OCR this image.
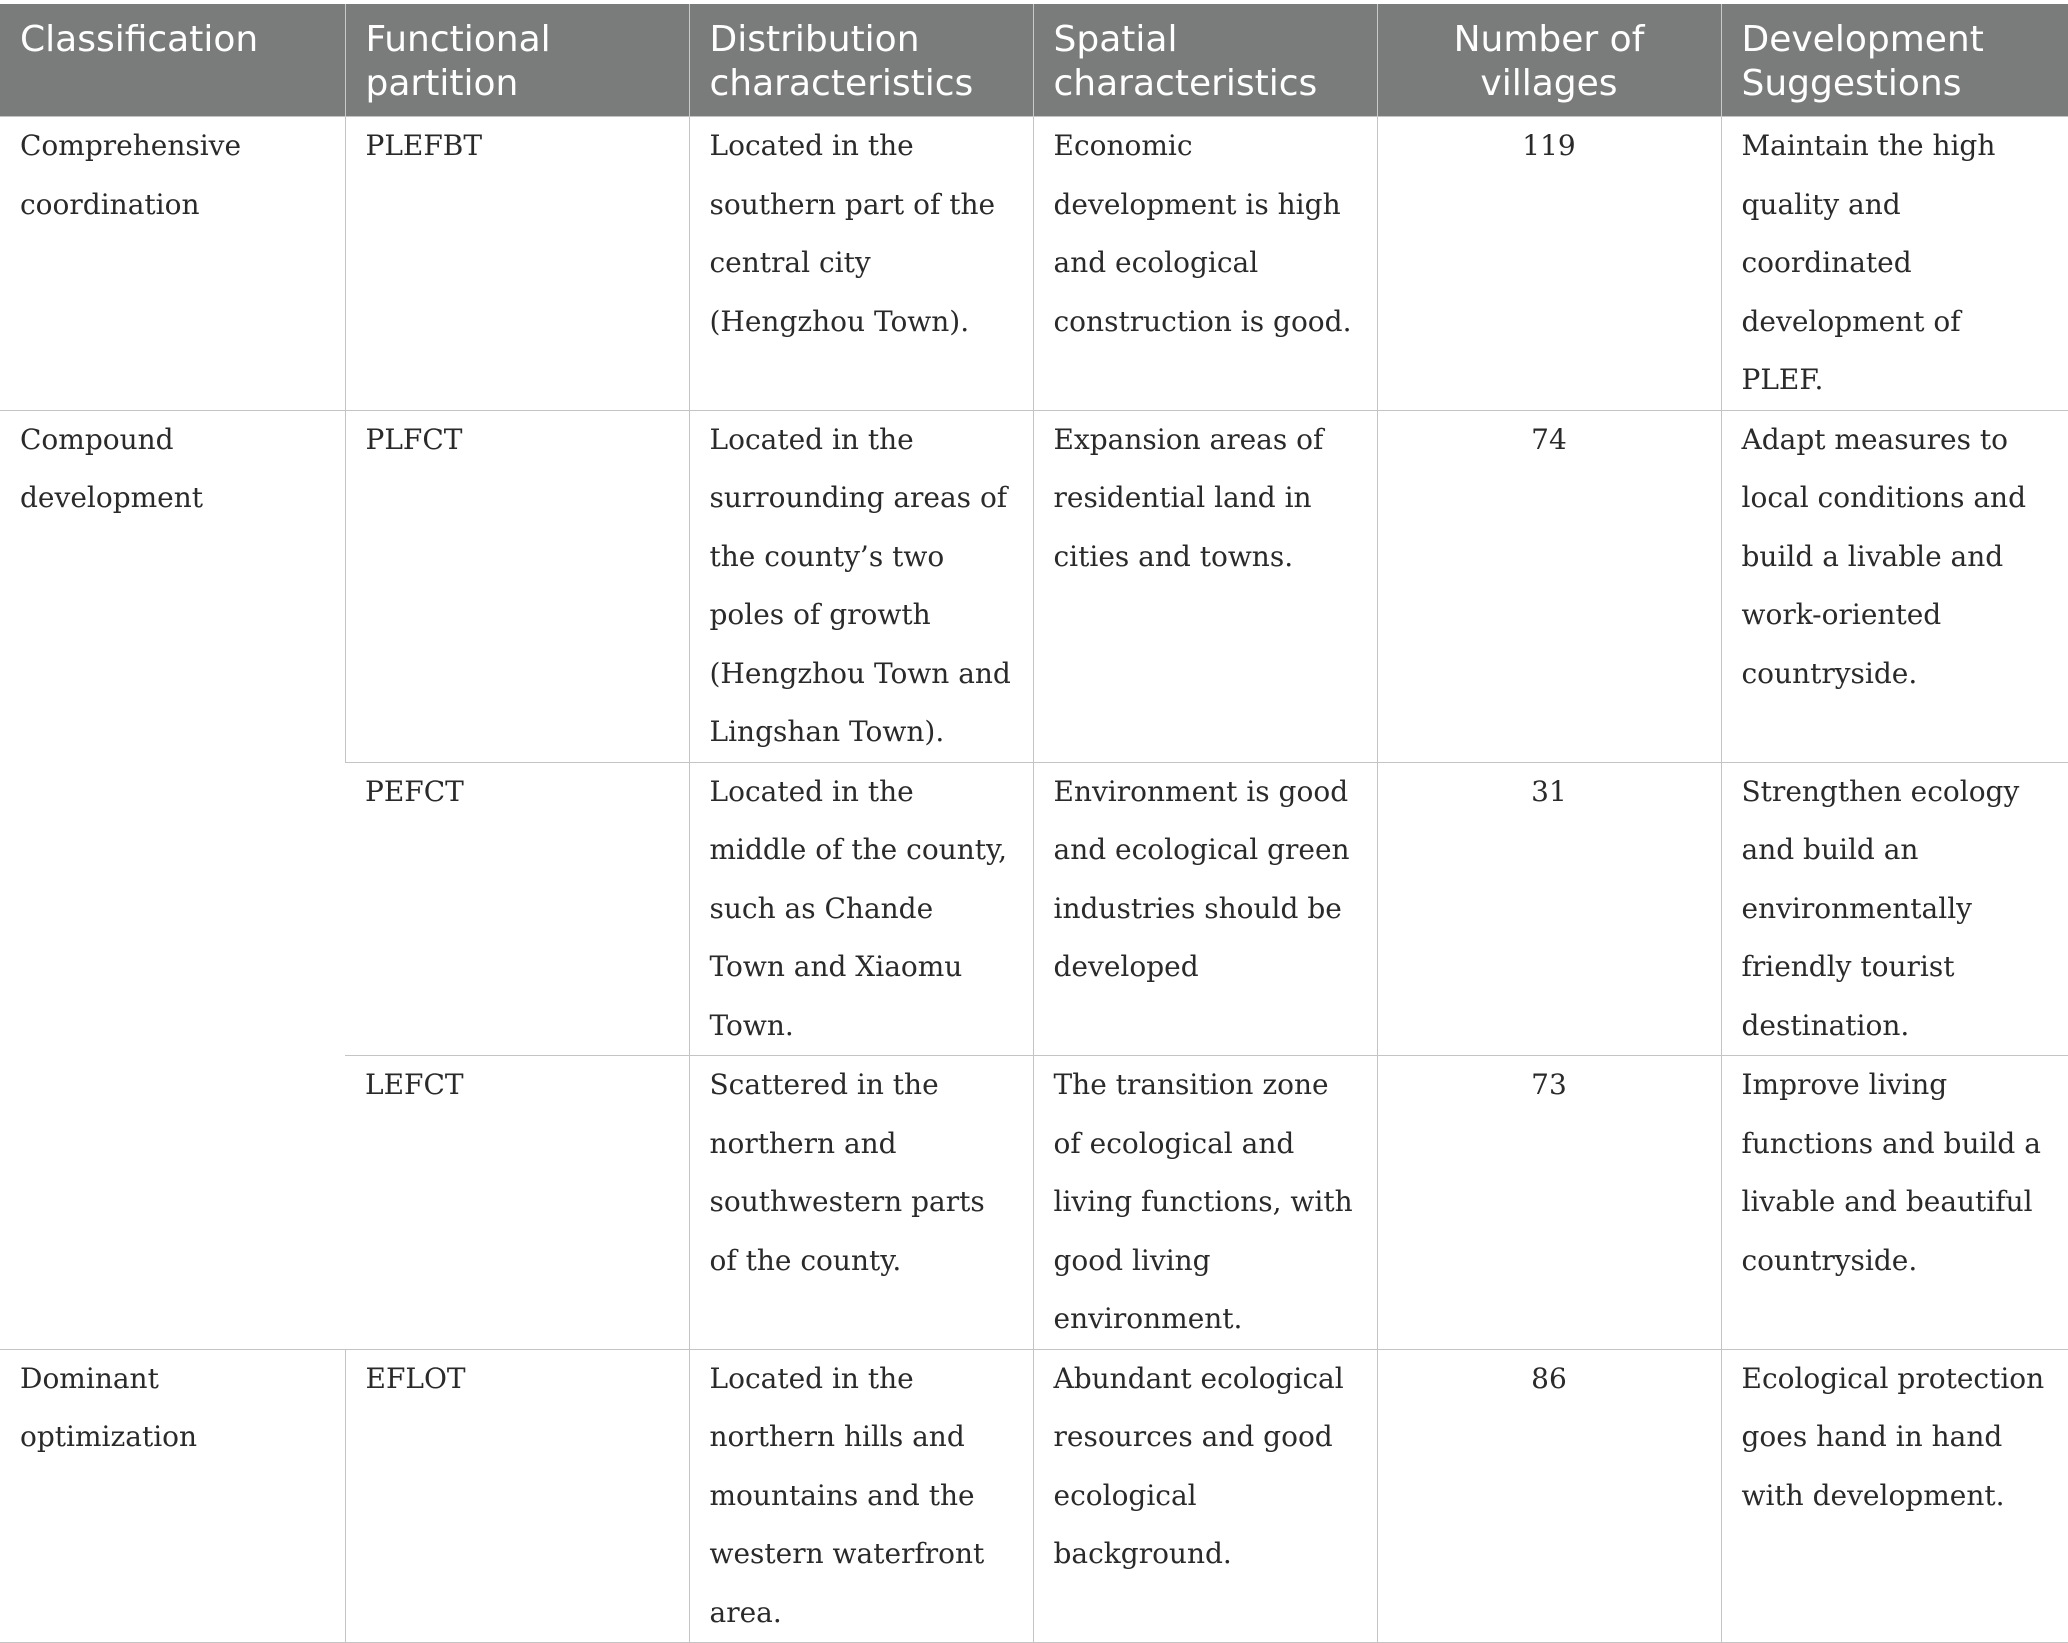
Classification	Functional partition	Distribution characteristics	Spatial characteristics	Number of villages	Development Suggestions
Comprehensive coordination	PLEFBT	Located in the southern part of the central city (Hengzhou Town).	Economic development is high and ecological construction is good.	119	Maintain the high quality and coordinated development of PLEF.
Compound development	PLFCT	Located in the surrounding areas of the county’s two poles of growth (Hengzhou Town and Lingshan Town).	Expansion areas of residential land in cities and towns.	74	Adapt measures to local conditions and build a livable and work-oriented countryside.
	PEFCT	Located in the middle of the county, such as Chande Town and Xiaomu Town.	Environment is good and ecological green industries should be developed	31	Strengthen ecology and build an environmentally friendly tourist destination.
	LEFCT	Scattered in the northern and southwestern parts of the county.	The transition zone of ecological and living functions, with good living environment.	73	Improve living functions and build a livable and beautiful countryside.
Dominant optimization	EFLOT	Located in the northern hills and mountains and the western waterfront area.	Abundant ecological resources and good ecological background.	86	Ecological protection goes hand in hand with development.
